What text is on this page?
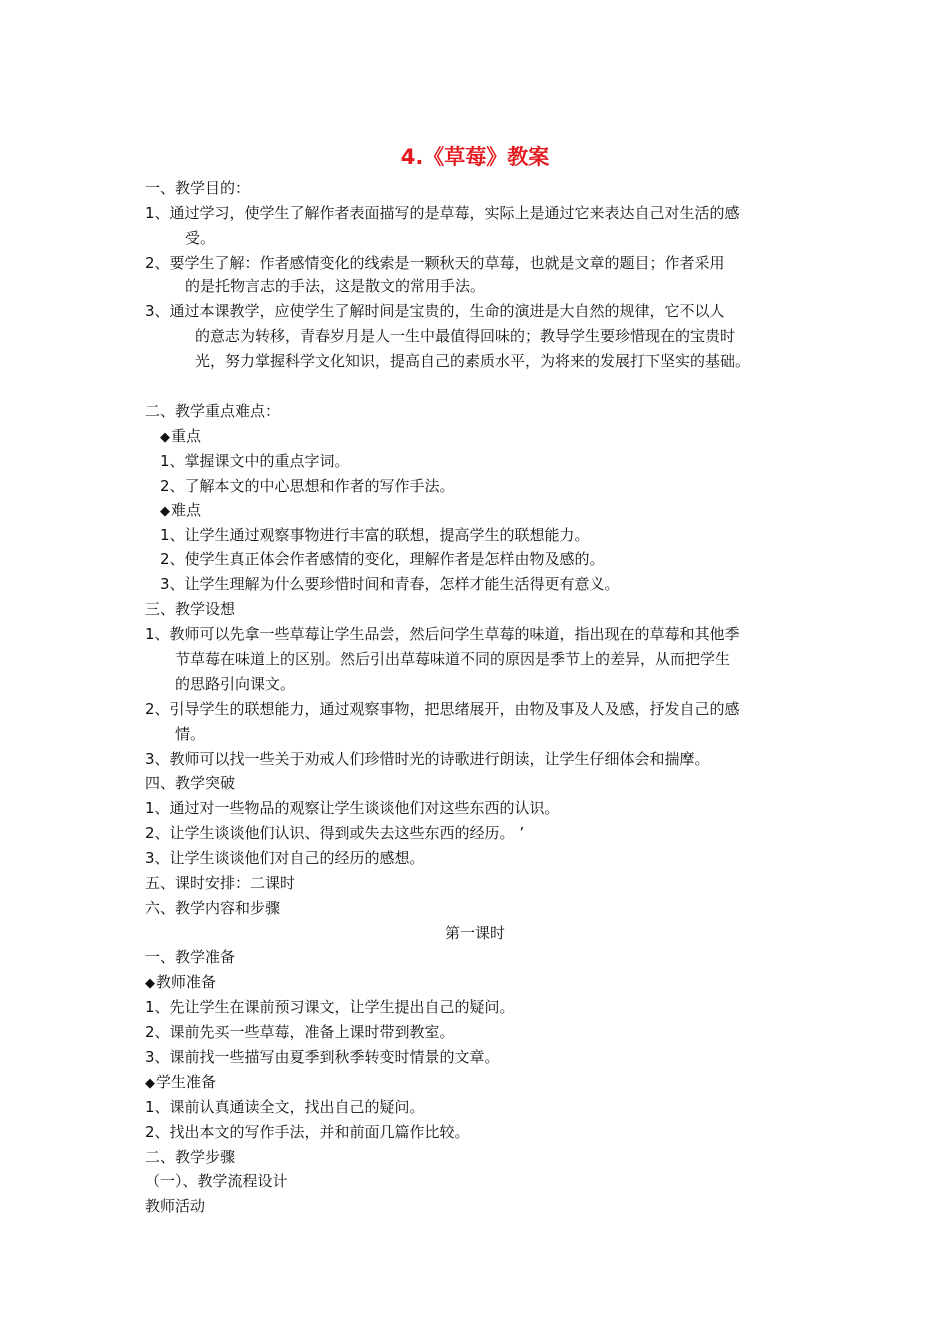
4.《草莓》教案
一、教学目的：
1、通过学习，使学生了解作者表面描写的是草莓，实际上是通过它来表达自己对生活的感
受。
2、要学生了解：作者感情变化的线索是一颗秋天的草莓，也就是文章的题目；作者采用
的是托物言志的手法，这是散文的常用手法。
3、通过本课教学，应使学生了解时间是宝贵的，生命的演进是大自然的规律，它不以人
的意志为转移，青春岁月是人一生中最值得回味的；教导学生要珍惜现在的宝贵时
光，努力掌握科学文化知识，提高自己的素质水平，为将来的发展打下坚实的基础。
二、教学重点难点：
◆重点
1、掌握课文中的重点字词。
2、了解本文的中心思想和作者的写作手法。
◆难点
1、让学生通过观察事物进行丰富的联想，提高学生的联想能力。
2、使学生真正体会作者感情的变化，理解作者是怎样由物及感的。
3、让学生理解为什么要珍惜时间和青春，怎样才能生活得更有意义。
三、教学设想
1、教师可以先拿一些草莓让学生品尝，然后问学生草莓的味道，指出现在的草莓和其他季
节草莓在味道上的区别。然后引出草莓味道不同的原因是季节上的差异，从而把学生
的思路引向课文。
2、引导学生的联想能力，通过观察事物，把思绪展开，由物及事及人及感，抒发自己的感
情。
3、教师可以找一些关于劝戒人们珍惜时光的诗歌进行朗读，让学生仔细体会和揣摩。
四、教学突破
1、通过对一些物品的观察让学生谈谈他们对这些东西的认识。
2、让学生谈谈他们认识、得到或失去这些东西的经历。 ’
3、让学生谈谈他们对自己的经历的感想。
五、课时安排：二课时
六、教学内容和步骤
第一课时
一、教学准备
◆教师准备
1、先让学生在课前预习课文，让学生提出自己的疑问。
2、课前先买一些草莓，准备上课时带到教室。
3、课前找一些描写由夏季到秋季转变时情景的文章。
◆学生准备
1、课前认真通读全文，找出自己的疑问。
2、找出本文的写作手法，并和前面几篇作比较。
二、教学步骤
（一）、教学流程设计
教师活动
